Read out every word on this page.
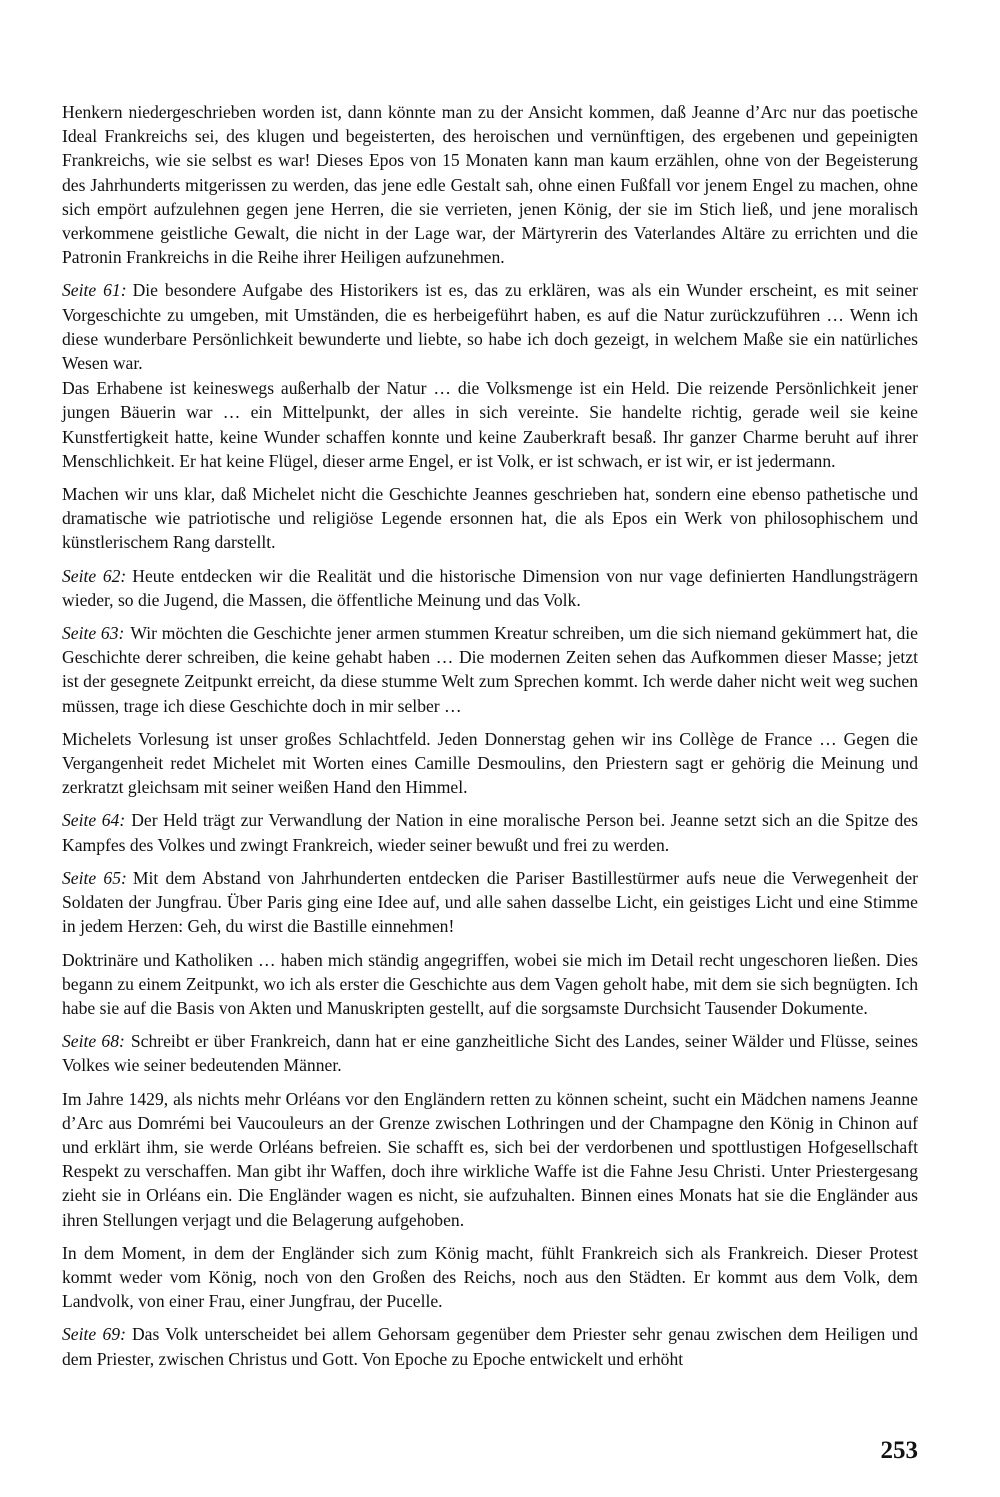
Henkern niedergeschrieben worden ist, dann könnte man zu der Ansicht kommen, daß Jeanne d’Arc nur das poetische Ideal Frankreichs sei, des klugen und begeisterten, des heroischen und vernünftigen, des ergebenen und gepeinigten Frankreichs, wie sie selbst es war! Dieses Epos von 15 Monaten kann man kaum erzählen, ohne von der Begeisterung des Jahrhunderts mitgerissen zu werden, das jene edle Gestalt sah, ohne einen Fußfall vor jenem Engel zu machen, ohne sich empört aufzulehnen gegen jene Herren, die sie verrieten, jenen König, der sie im Stich ließ, und jene moralisch verkommene geistliche Gewalt, die nicht in der Lage war, der Märtyrerin des Vaterlandes Altäre zu errichten und die Patronin Frankreichs in die Reihe ihrer Heiligen aufzunehmen.

Seite 61: Die besondere Aufgabe des Historikers ist es, das zu erklären, was als ein Wunder erscheint, es mit seiner Vorgeschichte zu umgeben, mit Umständen, die es herbeigeführt haben, es auf die Natur zurückzuführen … Wenn ich diese wunderbare Persönlichkeit bewunderte und liebte, so habe ich doch gezeigt, in welchem Maße sie ein natürliches Wesen war.

Das Erhabene ist keineswegs außerhalb der Natur … die Volksmenge ist ein Held. Die reizende Persönlichkeit jener jungen Bäuerin war … ein Mittelpunkt, der alles in sich vereinte. Sie handelte richtig, gerade weil sie keine Kunstfertigkeit hatte, keine Wunder schaffen konnte und keine Zauberkraft besaß. Ihr ganzer Charme beruht auf ihrer Menschlichkeit. Er hat keine Flügel, dieser arme Engel, er ist Volk, er ist schwach, er ist wir, er ist jedermann.

Machen wir uns klar, daß Michelet nicht die Geschichte Jeannes geschrieben hat, sondern eine ebenso pathetische und dramatische wie patriotische und religiöse Legende ersonnen hat, die als Epos ein Werk von philosophischem und künstlerischem Rang darstellt.

Seite 62: Heute entdecken wir die Realität und die historische Dimension von nur vage definierten Handlungsträgern wieder, so die Jugend, die Massen, die öffentliche Meinung und das Volk.

Seite 63: Wir möchten die Geschichte jener armen stummen Kreatur schreiben, um die sich niemand gekümmert hat, die Geschichte derer schreiben, die keine gehabt haben … Die modernen Zeiten sehen das Aufkommen dieser Masse; jetzt ist der gesegnete Zeitpunkt erreicht, da diese stumme Welt zum Sprechen kommt. Ich werde daher nicht weit weg suchen müssen, trage ich diese Geschichte doch in mir selber …

Michelets Vorlesung ist unser großes Schlachtfeld. Jeden Donnerstag gehen wir ins Collège de France … Gegen die Vergangenheit redet Michelet mit Worten eines Camille Desmoulins, den Priestern sagt er gehörig die Meinung und zerkratzt gleichsam mit seiner weißen Hand den Himmel.

Seite 64: Der Held trägt zur Verwandlung der Nation in eine moralische Person bei. Jeanne setzt sich an die Spitze des Kampfes des Volkes und zwingt Frankreich, wieder seiner bewußt und frei zu werden.

Seite 65: Mit dem Abstand von Jahrhunderten entdecken die Pariser Bastillestürmer aufs neue die Verwegenheit der Soldaten der Jungfrau. Über Paris ging eine Idee auf, und alle sahen dasselbe Licht, ein geistiges Licht und eine Stimme in jedem Herzen: Geh, du wirst die Bastille einnehmen!

Doktrinäre und Katholiken … haben mich ständig angegriffen, wobei sie mich im Detail recht ungeschoren ließen. Dies begann zu einem Zeitpunkt, wo ich als erster die Geschichte aus dem Vagen geholt habe, mit dem sie sich begnügten. Ich habe sie auf die Basis von Akten und Manuskripten gestellt, auf die sorgsamste Durchsicht Tausender Dokumente.

Seite 68: Schreibt er über Frankreich, dann hat er eine ganzheitliche Sicht des Landes, seiner Wälder und Flüsse, seines Volkes wie seiner bedeutenden Männer.

Im Jahre 1429, als nichts mehr Orléans vor den Engländern retten zu können scheint, sucht ein Mädchen namens Jeanne d’Arc aus Domrémi bei Vaucouleurs an der Grenze zwischen Lothringen und der Champagne den König in Chinon auf und erklärt ihm, sie werde Orléans befreien. Sie schafft es, sich bei der verdorbenen und spottlustigen Hofgesellschaft Respekt zu verschaffen. Man gibt ihr Waffen, doch ihre wirkliche Waffe ist die Fahne Jesu Christi. Unter Priestergesang zieht sie in Orléans ein. Die Engländer wagen es nicht, sie aufzuhalten. Binnen eines Monats hat sie die Engländer aus ihren Stellungen verjagt und die Belagerung aufgehoben.

In dem Moment, in dem der Engländer sich zum König macht, fühlt Frankreich sich als Frankreich. Dieser Protest kommt weder vom König, noch von den Großen des Reichs, noch aus den Städten. Er kommt aus dem Volk, dem Landvolk, von einer Frau, einer Jungfrau, der Pucelle.

Seite 69: Das Volk unterscheidet bei allem Gehorsam gegenüber dem Priester sehr genau zwischen dem Heiligen und dem Priester, zwischen Christus und Gott. Von Epoche zu Epoche entwickelt und erhöht

253
